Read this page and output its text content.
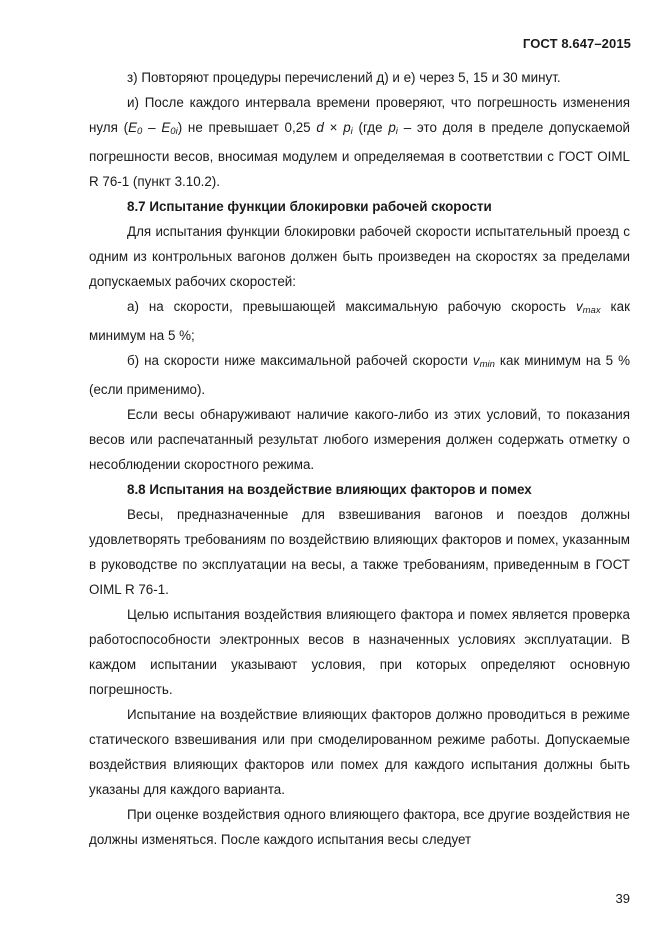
ГОСТ 8.647–2015

з) Повторяют процедуры перечислений д) и е) через 5, 15 и 30 минут.

и) После каждого интервала времени проверяют, что погрешность изменения нуля $(E_0 - E_{0i})$ не превышает 0,25 $d \times p_i$ (где $p_i$ – это доля в пределе допускаемой погрешности весов, вносимая модулем и определяемая в соответствии с ГОСТ OIML R 76-1 (пункт 3.10.2).

8.7 Испытание функции блокировки рабочей скорости

Для испытания функции блокировки рабочей скорости испытательный проезд с одним из контрольных вагонов должен быть произведен на скоростях за пределами допускаемых рабочих скоростей:

а) на скорости, превышающей максимальную рабочую скорость $v_{max}$ как минимум на 5 %;

б) на скорости ниже максимальной рабочей скорости $v_{min}$ как минимум на 5 % (если применимо).

Если весы обнаруживают наличие какого-либо из этих условий, то показания весов или распечатанный результат любого измерения должен содержать отметку о несоблюдении скоростного режима.

8.8 Испытания на воздействие влияющих факторов и помех

Весы, предназначенные для взвешивания вагонов и поездов должны удовлетворять требованиям по воздействию влияющих факторов и помех, указанным в руководстве по эксплуатации на весы, а также требованиям, приведенным в ГОСТ OIML R 76-1.

Целью испытания воздействия влияющего фактора и помех является проверка работоспособности электронных весов в назначенных условиях эксплуатации. В каждом испытании указывают условия, при которых определяют основную погрешность.

Испытание на воздействие влияющих факторов должно проводиться в режиме статического взвешивания или при смоделированном режиме работы. Допускаемые воздействия влияющих факторов или помех для каждого испытания должны быть указаны для каждого варианта.

При оценке воздействия одного влияющего фактора, все другие воздействия не должны изменяться. После каждого испытания весы следует

39
